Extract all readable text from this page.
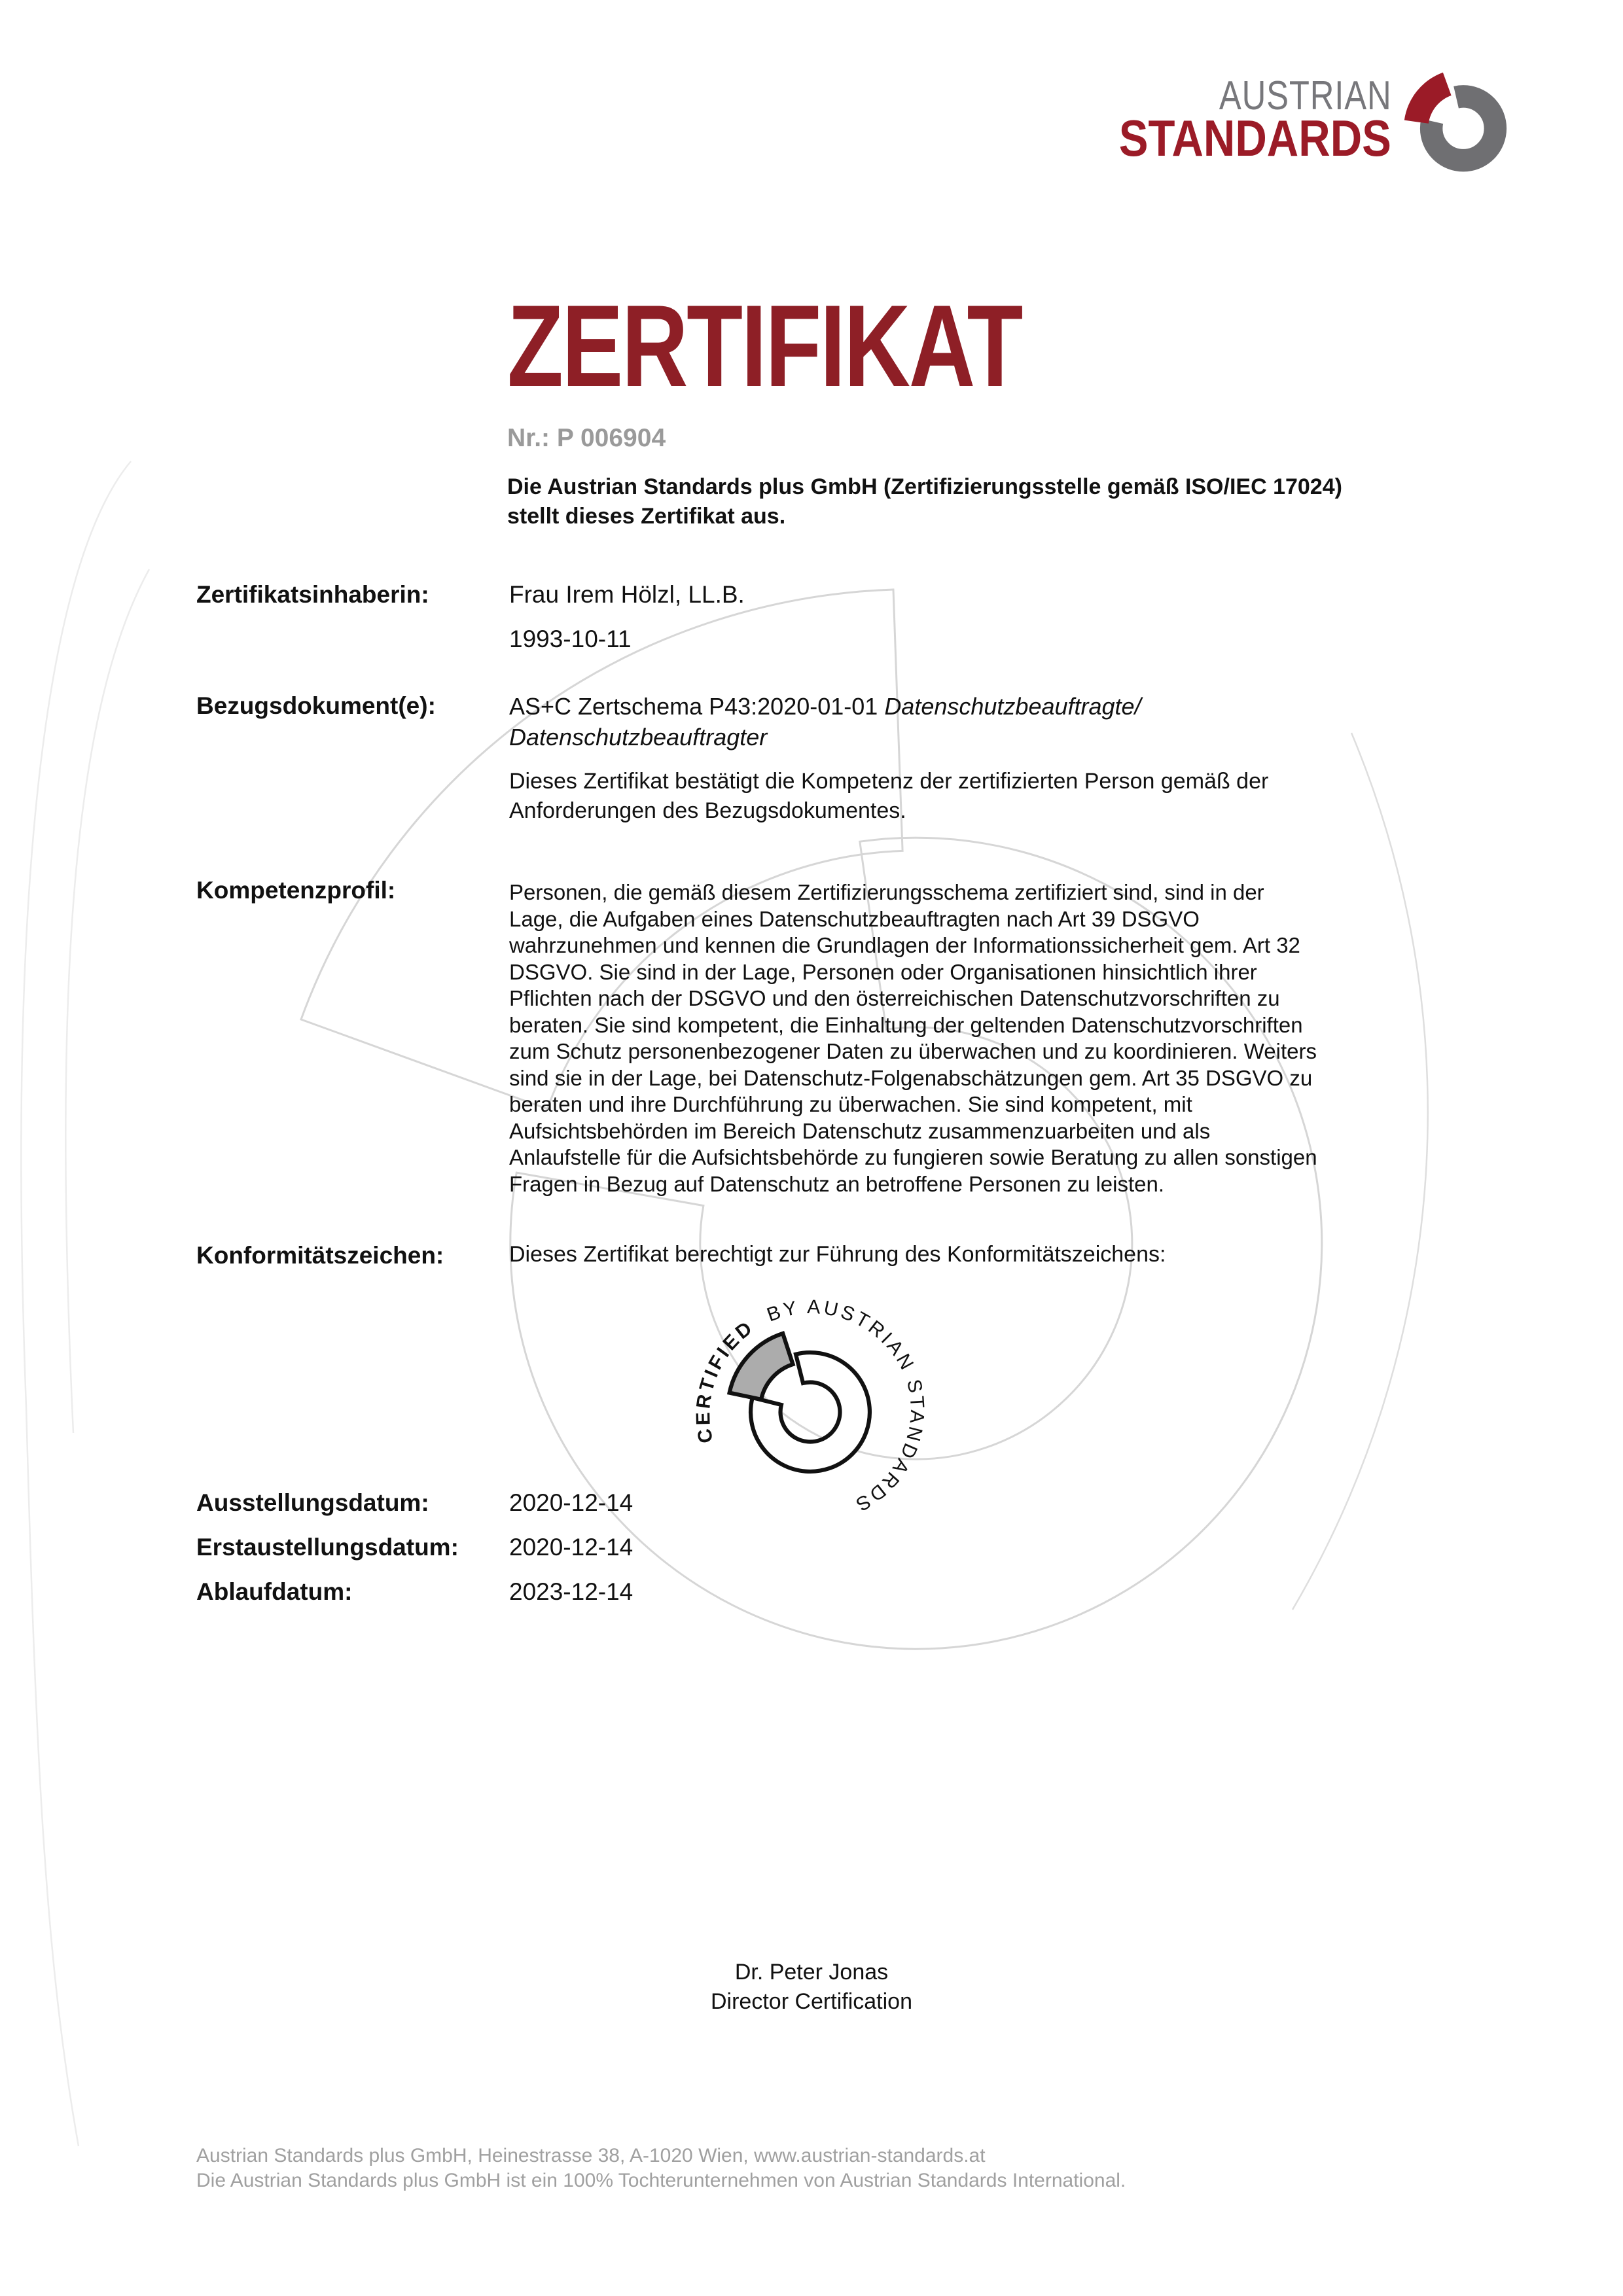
AUSTRIAN
STANDARDS
ZERTIFIKAT
Nr.: P 006904
Die Austrian Standards plus GmbH (Zertifizierungsstelle gemäß ISO/IEC 17024)
stellt dieses Zertifikat aus.
Zertifikatsinhaberin:	Frau Irem Hölzl, LL.B.
1993-10-11
Bezugsdokument(e):	AS+C Zertschema P43:2020-01-01 Datenschutzbeauftragte/
Datenschutzbeauftragter
Dieses Zertifikat bestätigt die Kompetenz der zertifizierten Person gemäß der Anforderungen des Bezugsdokumentes.
Kompetenzprofil:	Personen, die gemäß diesem Zertifizierungsschema zertifiziert sind, sind in der Lage, die Aufgaben eines Datenschutzbeauftragten nach Art 39 DSGVO wahrzunehmen und kennen die Grundlagen der Informationssicherheit gem. Art 32 DSGVO. Sie sind in der Lage, Personen oder Organisationen hinsichtlich ihrer Pflichten nach der DSGVO und den österreichischen Datenschutzvorschriften zu beraten. Sie sind kompetent, die Einhaltung der geltenden Datenschutzvorschriften zum Schutz personenbezogener Daten zu überwachen und zu koordinieren. Weiters sind sie in der Lage, bei Datenschutz-Folgenabschätzungen gem. Art 35 DSGVO zu beraten und ihre Durchführung zu überwachen. Sie sind kompetent, mit Aufsichtsbehörden im Bereich Datenschutz zusammenzuarbeiten und als Anlaufstelle für die Aufsichtsbehörde zu fungieren sowie Beratung zu allen sonstigen Fragen in Bezug auf Datenschutz an betroffene Personen zu leisten.
Konformitätszeichen:	Dieses Zertifikat berechtigt zur Führung des Konformitätszeichens:
CERTIFIED BY AUSTRIAN STANDARDS
Ausstellungsdatum:	2020-12-14
Erstaustellungsdatum: 2020-12-14
Ablaufdatum:	2023-12-14
Dr. Peter Jonas
Director Certification
Austrian Standards plus GmbH, Heinestrasse 38, A-1020 Wien, www.austrian-standards.at
Die Austrian Standards plus GmbH ist ein 100% Tochterunternehmen von Austrian Standards International.
